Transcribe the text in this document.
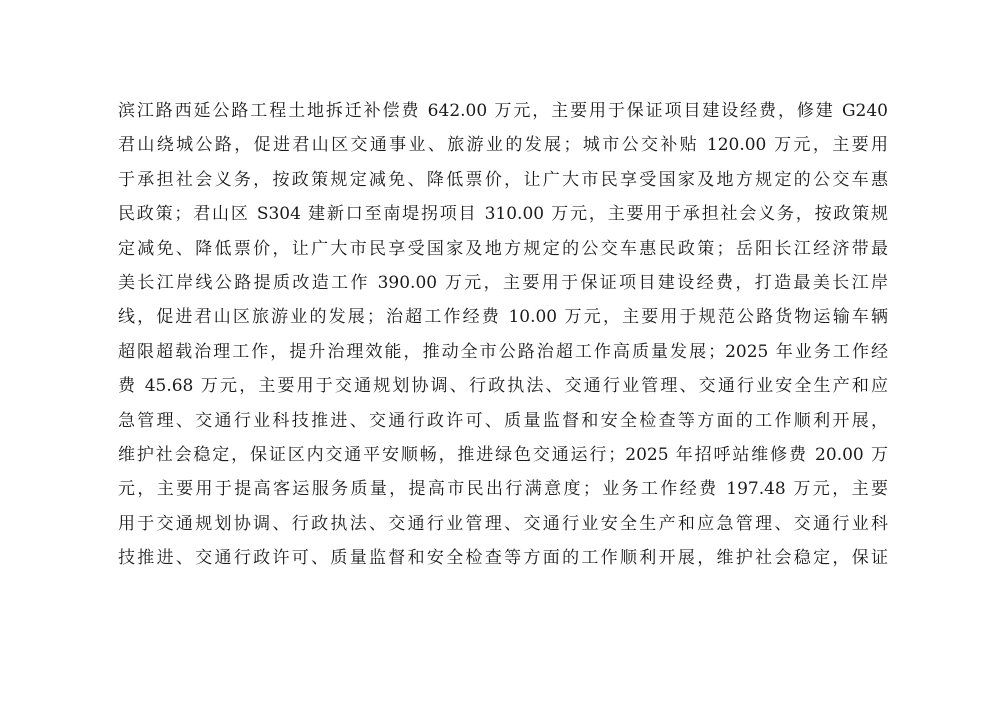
滨江路西延公路工程土地拆迁补偿费 642.00 万元，主要用于保证项目建设经费，修建 G240
君山绕城公路，促进君山区交通事业、旅游业的发展；城市公交补贴 120.00 万元，主要用
于承担社会义务，按政策规定减免、降低票价，让广大市民享受国家及地方规定的公交车惠
民政策；君山区 S304 建新口至南堤拐项目 310.00 万元，主要用于承担社会义务，按政策规
定减免、降低票价，让广大市民享受国家及地方规定的公交车惠民政策；岳阳长江经济带最
美长江岸线公路提质改造工作 390.00 万元，主要用于保证项目建设经费，打造最美长江岸
线，促进君山区旅游业的发展；治超工作经费 10.00 万元，主要用于规范公路货物运输车辆
超限超载治理工作，提升治理效能，推动全市公路治超工作高质量发展；2025 年业务工作经
费 45.68 万元，主要用于交通规划协调、行政执法、交通行业管理、交通行业安全生产和应
急管理、交通行业科技推进、交通行政许可、质量监督和安全检查等方面的工作顺利开展，
维护社会稳定，保证区内交通平安顺畅，推进绿色交通运行；2025 年招呼站维修费 20.00 万
元，主要用于提高客运服务质量，提高市民出行满意度；业务工作经费 197.48 万元，主要
用于交通规划协调、行政执法、交通行业管理、交通行业安全生产和应急管理、交通行业科
技推进、交通行政许可、质量监督和安全检查等方面的工作顺利开展，维护社会稳定，保证
